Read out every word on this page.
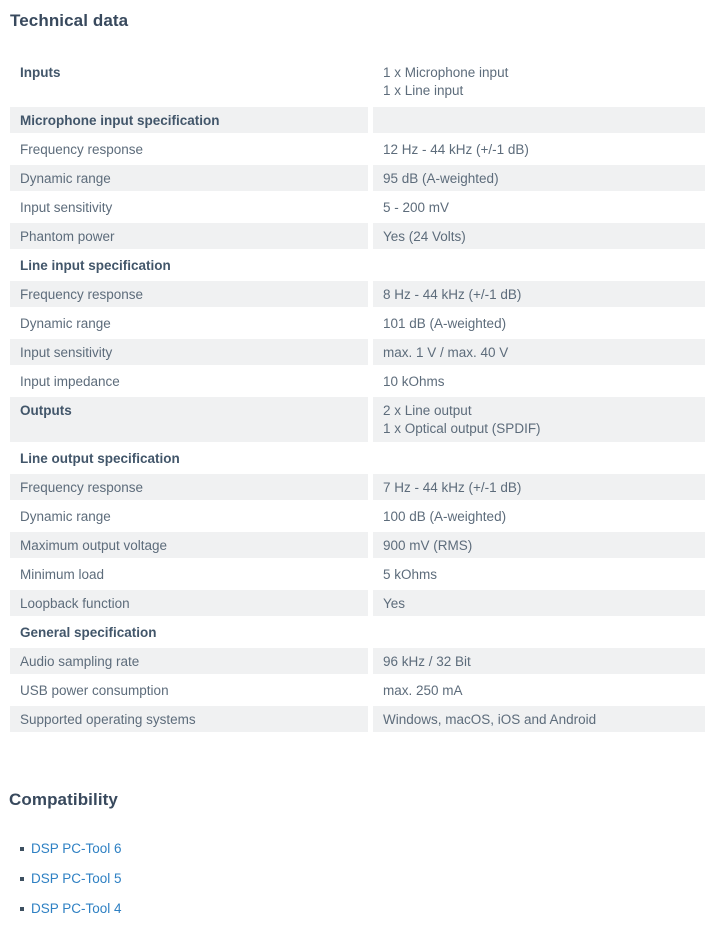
Technical data
Inputs	1 x Microphone input
1 x Line input
Microphone input specification
Frequency response	12 Hz - 44 kHz (+/-1 dB)
Dynamic range	95 dB (A-weighted)
Input sensitivity	5 - 200 mV
Phantom power	Yes (24 Volts)
Line input specification
Frequency response	8 Hz - 44 kHz (+/-1 dB)
Dynamic range	101 dB (A-weighted)
Input sensitivity	max. 1 V / max. 40 V
Input impedance	10 kOhms
Outputs	2 x Line output
1 x Optical output (SPDIF)
Line output specification
Frequency response	7 Hz - 44 kHz (+/-1 dB)
Dynamic range	100 dB (A-weighted)
Maximum output voltage	900 mV (RMS)
Minimum load	5 kOhms
Loopback function	Yes
General specification
Audio sampling rate	96 kHz / 32 Bit
USB power consumption	max. 250 mA
Supported operating systems	Windows, macOS, iOS and Android
Compatibility
DSP PC-Tool 6
DSP PC-Tool 5
DSP PC-Tool 4
